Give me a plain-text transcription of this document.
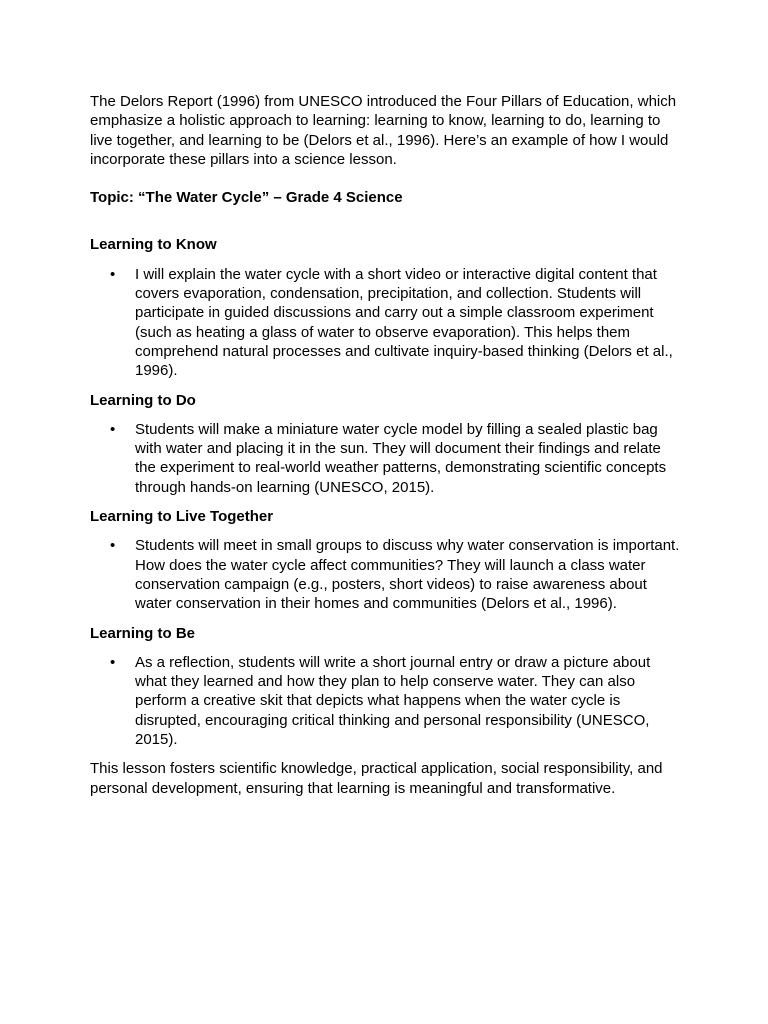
The Delors Report (1996) from UNESCO introduced the Four Pillars of Education, which emphasize a holistic approach to learning: learning to know, learning to do, learning to live together, and learning to be (Delors et al., 1996). Here’s an example of how I would incorporate these pillars into a science lesson.

Topic: “The Water Cycle” – Grade 4 Science

Learning to Know

• I will explain the water cycle with a short video or interactive digital content that covers evaporation, condensation, precipitation, and collection. Students will participate in guided discussions and carry out a simple classroom experiment (such as heating a glass of water to observe evaporation). This helps them comprehend natural processes and cultivate inquiry-based thinking (Delors et al., 1996).

Learning to Do

• Students will make a miniature water cycle model by filling a sealed plastic bag with water and placing it in the sun. They will document their findings and relate the experiment to real-world weather patterns, demonstrating scientific concepts through hands-on learning (UNESCO, 2015).

Learning to Live Together

• Students will meet in small groups to discuss why water conservation is important. How does the water cycle affect communities? They will launch a class water conservation campaign (e.g., posters, short videos) to raise awareness about water conservation in their homes and communities (Delors et al., 1996).

Learning to Be

• As a reflection, students will write a short journal entry or draw a picture about what they learned and how they plan to help conserve water. They can also perform a creative skit that depicts what happens when the water cycle is disrupted, encouraging critical thinking and personal responsibility (UNESCO, 2015).

This lesson fosters scientific knowledge, practical application, social responsibility, and personal development, ensuring that learning is meaningful and transformative.
